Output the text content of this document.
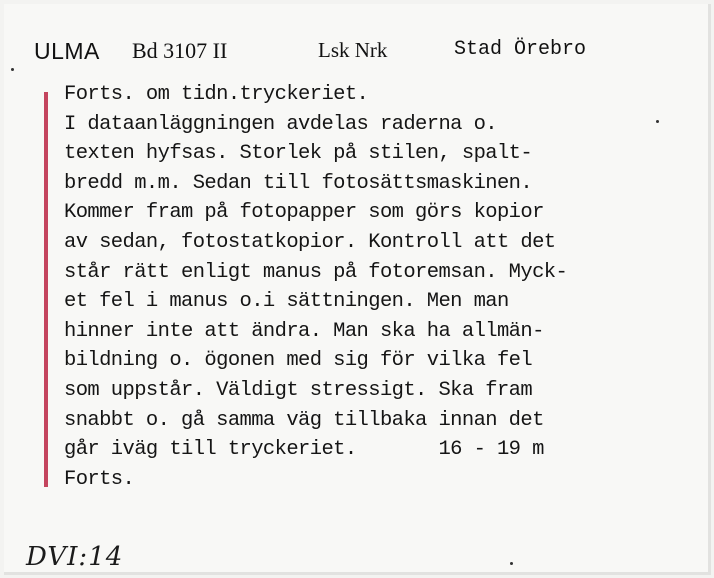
ULMA Bd 3107 II	Lsk Nrk	Stad Örebro
Forts. om tidn.tryckeriet.
I dataanläggningen avdelas raderna o.
texten hyfsas. Storlek på stilen, spalt-
bredd m.m. Sedan till fotosättsmaskinen.
Kommer fram på fotopapper som görs kopior
av sedan, fotostatkopior. Kontroll att det
står rätt enligt manus på fotoremsan. Myck-
et fel i manus o.i sättningen. Men man
hinner inte att ändra. Man ska ha allmän-
bildning o. ögonen med sig för vilka fel
som uppstår. Väldigt stressigt. Ska fram
snabbt o. gå samma väg tillbaka innan det
går iväg till tryckeriet.       16 - 19 m
Forts.
DVI:14
